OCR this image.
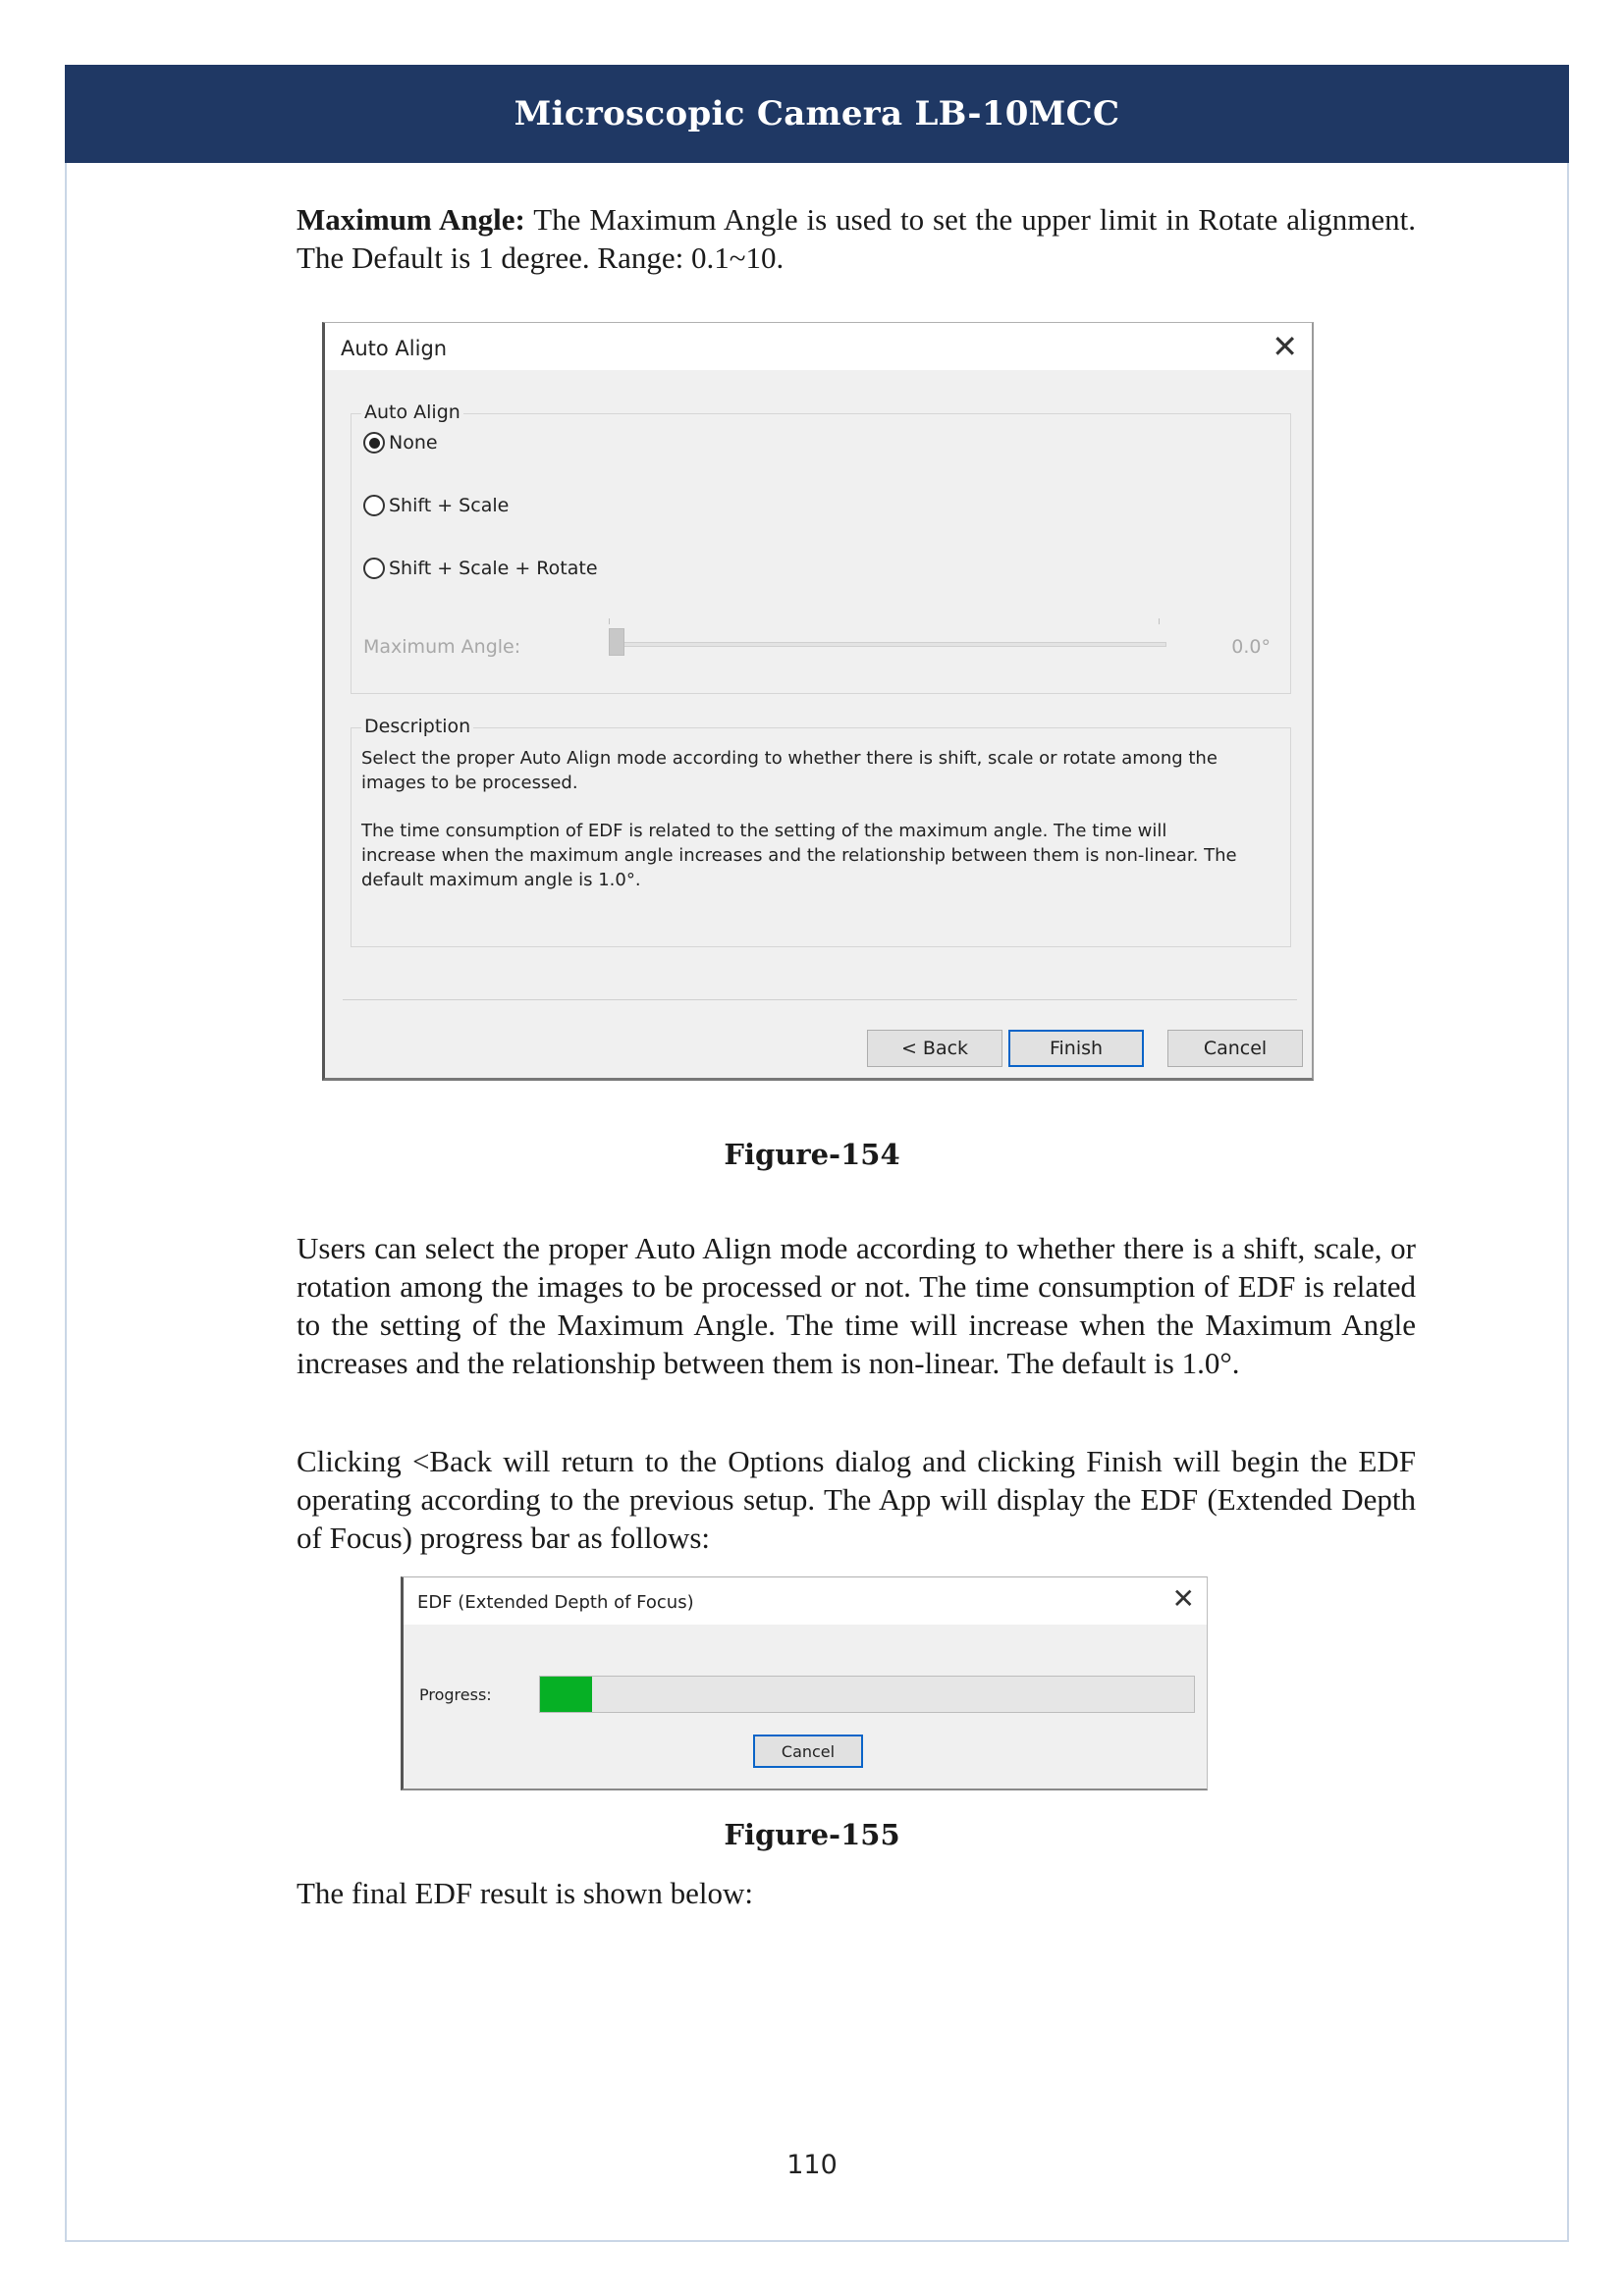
Microscopic Camera LB-10MCC

Maximum Angle: The Maximum Angle is used to set the upper limit in Rotate alignment. The Default is 1 degree. Range: 0.1~10.

Auto Align	✕
Auto Align
None
Shift + Scale
Shift + Scale + Rotate
Maximum Angle:	0.0°
Description

Select the proper Auto Align mode according to whether there is shift, scale or rotate among the images to be processed.

The time consumption of EDF is related to the setting of the maximum angle. The time will increase when the maximum angle increases and the relationship between them is non-linear. The default maximum angle is 1.0°.

< Back	Finish	Cancel
Figure-154

Users can select the proper Auto Align mode according to whether there is a shift, scale, or rotation among the images to be processed or not. The time consumption of EDF is related to the setting of the Maximum Angle. The time will increase when the Maximum Angle increases and the relationship between them is non-linear. The default is 1.0°.

Clicking <Back will return to the Options dialog and clicking Finish will begin the EDF operating according to the previous setup. The App will display the EDF (Extended Depth of Focus) progress bar as follows:

EDF (Extended Depth of Focus)	✕
Progress:
Cancel
Figure-155

The final EDF result is shown below:

110
